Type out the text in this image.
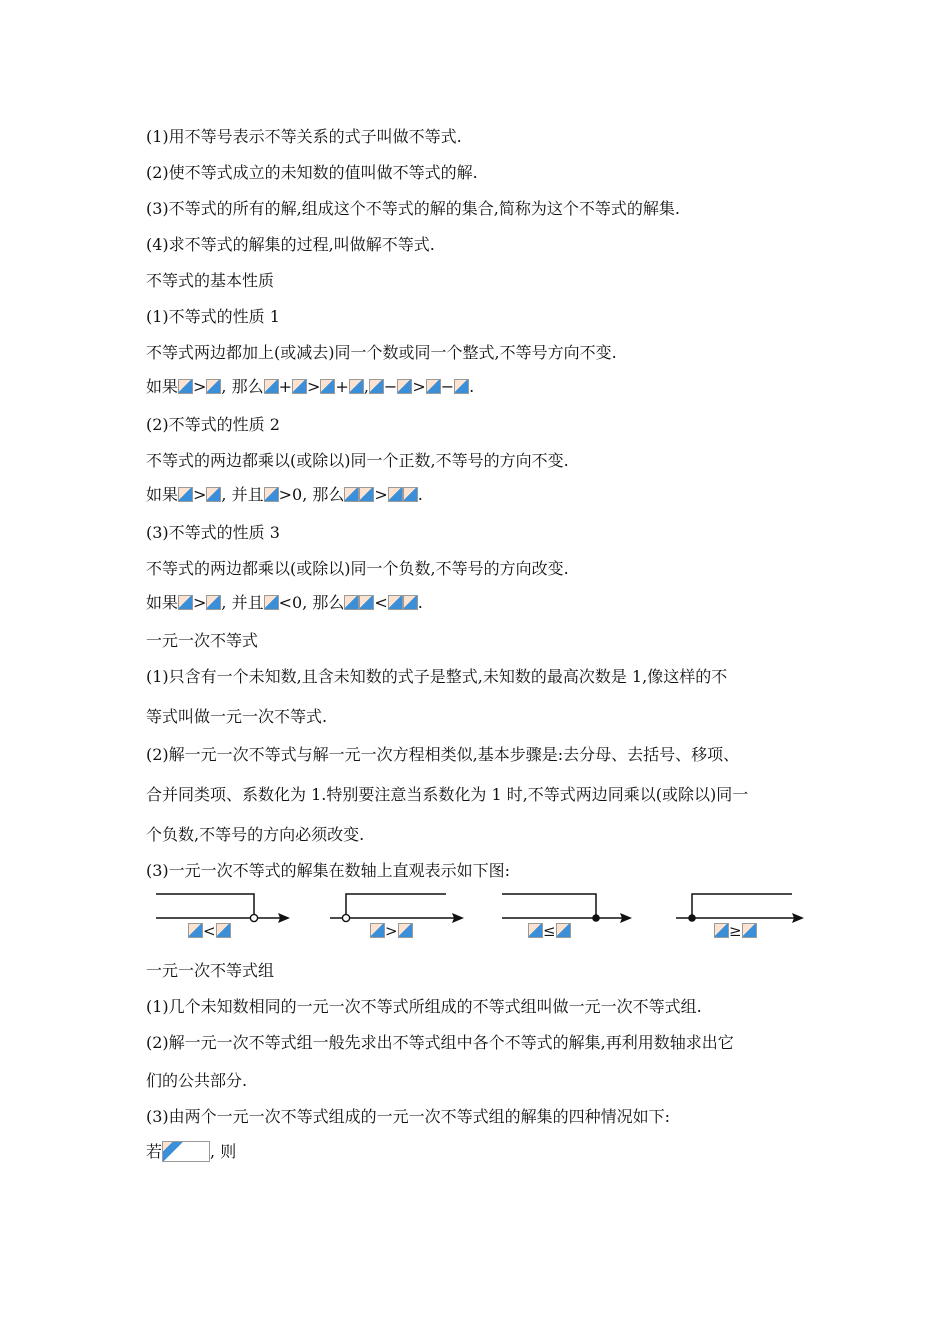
(1)用不等号表示不等关系的式子叫做不等式.
(2)使不等式成立的未知数的值叫做不等式的解.
(3)不等式的所有的解,组成这个不等式的解的集合,简称为这个不等式的解集.
(4)求不等式的解集的过程,叫做解不等式.
不等式的基本性质
(1)不等式的性质 1
不等式两边都加上(或减去)同一个数或同一个整式,不等号方向不变.
如果 > , 那么 + > + , − > − .
(2)不等式的性质 2
不等式的两边都乘以(或除以)同一个正数,不等号的方向不变.
如果 > , 并且 >0, 那么 > .
(3)不等式的性质 3
不等式的两边都乘以(或除以)同一个负数,不等号的方向改变.
如果 > , 并且 <0, 那么 < .
一元一次不等式
(1)只含有一个未知数,且含未知数的式子是整式,未知数的最高次数是 1,像这样的不
等式叫做一元一次不等式.
(2)解一元一次不等式与解一元一次方程相类似,基本步骤是:去分母、去括号、移项、
合并同类项、系数化为 1.特别要注意当系数化为 1 时,不等式两边同乘以(或除以)同一
个负数,不等号的方向必须改变.
(3)一元一次不等式的解集在数轴上直观表示如下图:
<	>	≤	≥
一元一次不等式组
(1)几个未知数相同的一元一次不等式所组成的不等式组叫做一元一次不等式组.
(2)解一元一次不等式组一般先求出不等式组中各个不等式的解集,再利用数轴求出它
们的公共部分.
(3)由两个一元一次不等式组成的一元一次不等式组的解集的四种情况如下:
若	, 则
